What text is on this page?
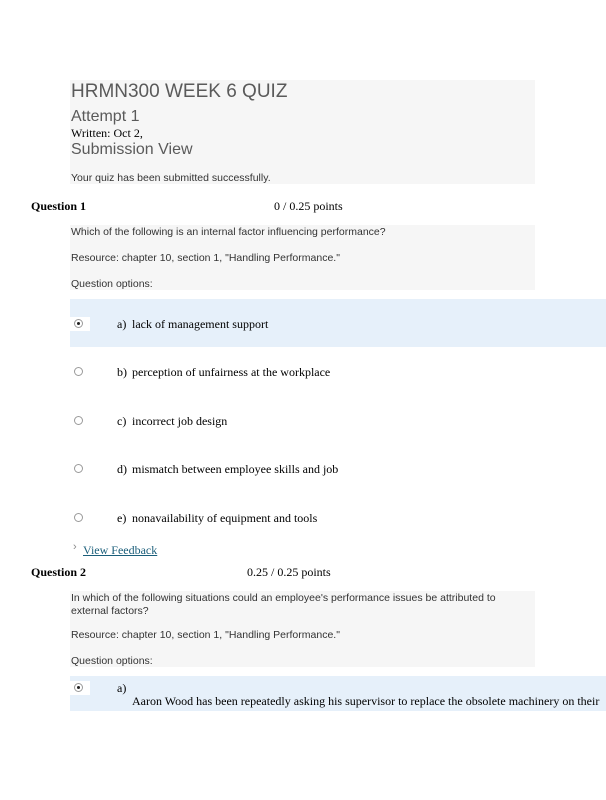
HRMN300 WEEK 6 QUIZ
Attempt 1
Written: Oct 2,
Submission View
Your quiz has been submitted successfully.
Question 1	0 / 0.25 points
Which of the following is an internal factor influencing performance?
Resource: chapter 10, section 1, "Handling Performance."
Question options:
a) lack of management support
b) perception of unfairness at the workplace
c) incorrect job design
d) mismatch between employee skills and job
e) nonavailability of equipment and tools
› View Feedback
Question 2	0.25 / 0.25 points
In which of the following situations could an employee's performance issues be attributed to external factors?
Resource: chapter 10, section 1, "Handling Performance."
Question options:
a)
Aaron Wood has been repeatedly asking his supervisor to replace the obsolete machinery on their
